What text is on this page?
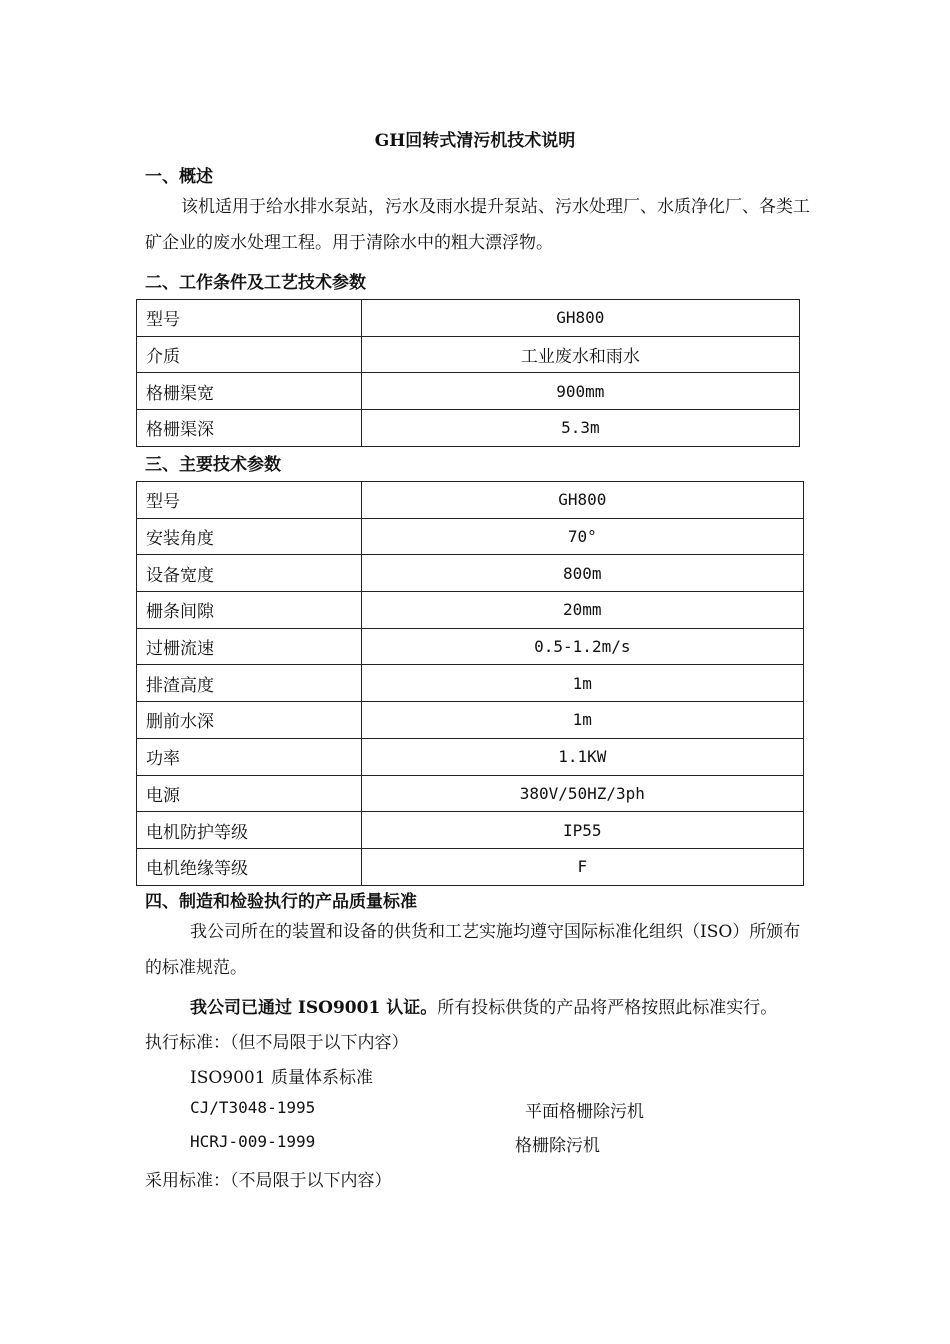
GH回转式清污机技术说明
一、概述
该机适用于给水排水泵站，污水及雨水提升泵站、污水处理厂、水质净化厂、各类工矿企业的废水处理工程。用于清除水中的粗大漂浮物。
二、工作条件及工艺技术参数
型号	GH800
介质	工业废水和雨水
格栅渠宽	900mm
格栅渠深	5.3m
三、主要技术参数
型号	GH800
安装角度	70°
设备宽度	800m
栅条间隙	20mm
过栅流速	0.5-1.2m/s
排渣高度	1m
删前水深	1m
功率	1.1KW
电源	380V/50HZ/3ph
电机防护等级	IP55
电机绝缘等级	F
四、制造和检验执行的产品质量标准
我公司所在的装置和设备的供货和工艺实施均遵守国际标准化组织（ISO）所颁布的标准规范。
我公司已通过 ISO9001 认证。所有投标供货的产品将严格按照此标准实行。
执行标准：（但不局限于以下内容）
ISO9001 质量体系标准
CJ/T3048-1995	平面格栅除污机
HCRJ-009-1999	格栅除污机
采用标准：（不局限于以下内容）
